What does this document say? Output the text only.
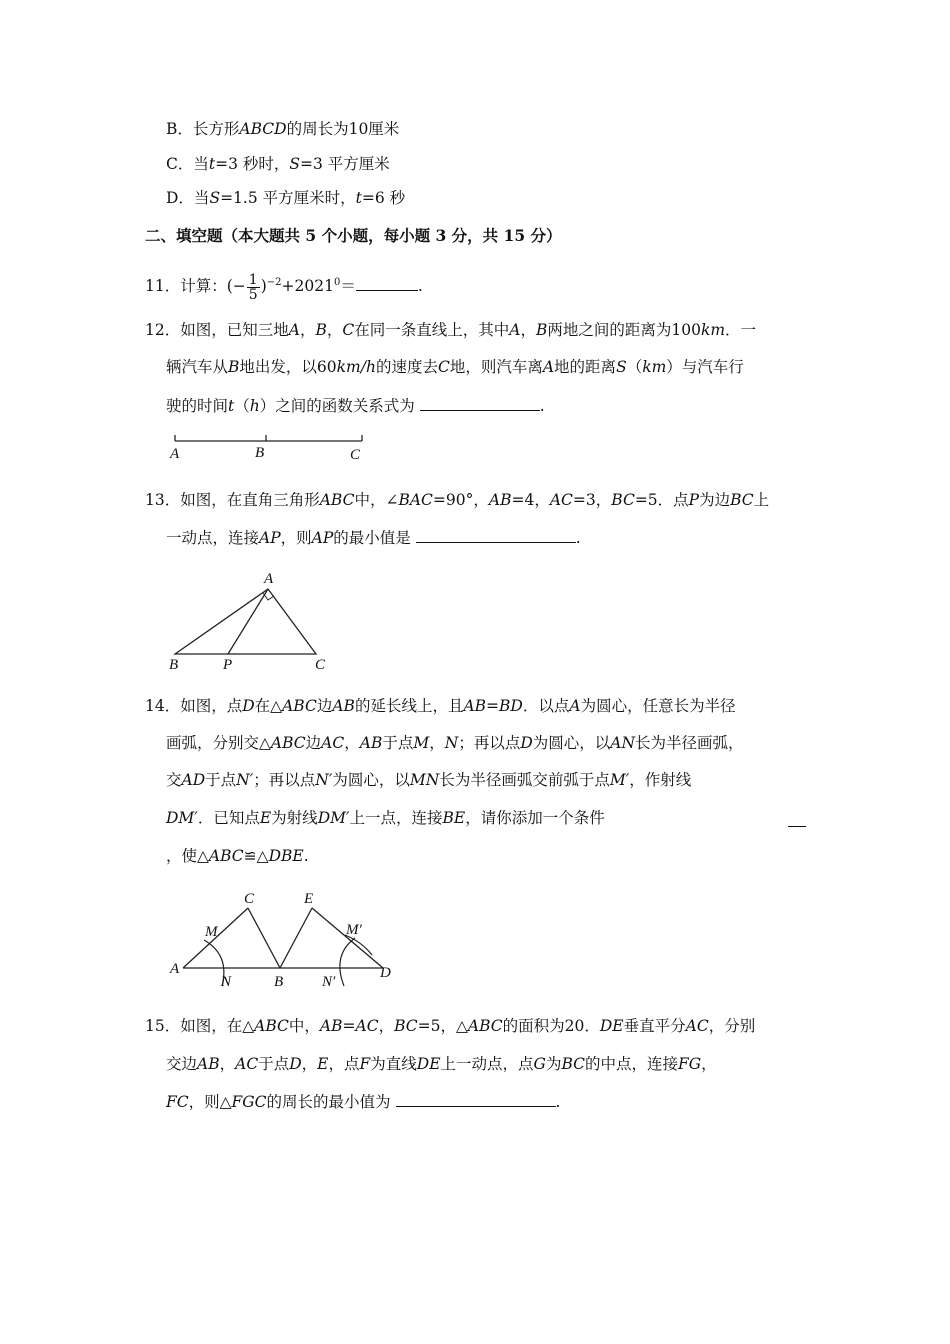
B．长方形ABCD的周长为10厘米
C．当t=3 秒时，S=3 平方厘米
D．当S=1.5 平方厘米时，t=6 秒
二、填空题（本大题共 5 个小题，每小题 3 分，共 15 分）
11．计算：(− $\frac{1}{5} )^{-2}+2021^0=$	.
12．如图，已知三地A，B，C在同一条直线上，其中A，B两地之间的距离为100km．一
辆汽车从B地出发，以60km/h的速度去C地，则汽车离A地的距离S（km）与汽车行
驶的时间t（h）之间的函数关系式为	.
A	B	C
13．如图，在直角三角形ABC中，∠BAC=90°，AB=4，AC=3，BC=5．点P为边BC上
一动点，连接AP，则AP的最小值是	.
A
B	P	C
14．如图，点D在△ABC边AB的延长线上，且AB=BD．以点A为圆心，任意长为半径
画弧，分别交△ABC边AC，AB于点M，N；再以点D为圆心，以AN长为半径画弧，
交AD于点N′；再以点N′为圆心，以MN长为半径画弧交前弧于点M′，作射线
DM′．已知点E为射线DM′上一点，连接BE，请你添加一个条件
，使△ABC≌△DBE.
A
C	E
M	M′
N	B	N′
D
15．如图，在△ABC中，AB=AC，BC=5，△ABC的面积为20．DE垂直平分AC，分别
交边AB，AC于点D，E，点F为直线DE上一动点，点G为BC的中点，连接FG，
FC，则△FGC的周长的最小值为	.
